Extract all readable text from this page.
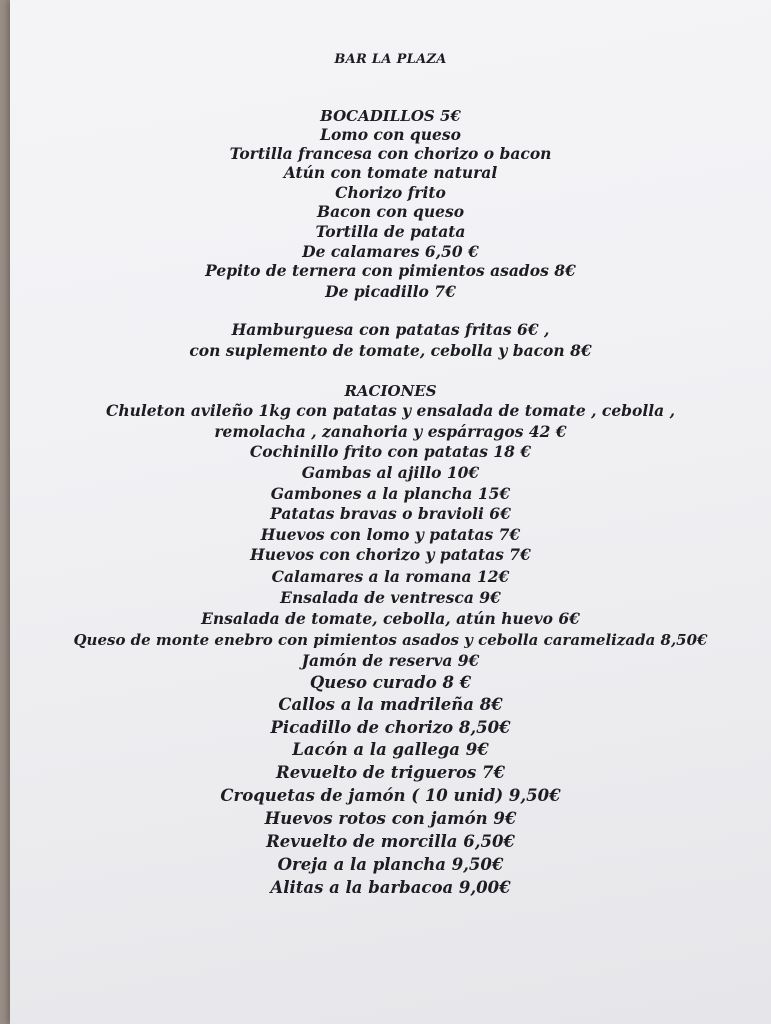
BAR LA PLAZA
BOCADILLOS 5€
Lomo con queso
Tortilla francesa con chorizo o bacon
Atún con tomate natural
Chorizo frito
Bacon con queso
Tortilla de patata
De calamares 6,50 €
Pepito de ternera con pimientos asados 8€
De picadillo 7€
Hamburguesa con patatas fritas 6€ ,
con suplemento de tomate, cebolla y bacon 8€
RACIONES
Chuleton avileño 1kg con patatas y ensalada de tomate , cebolla ,
remolacha , zanahoria y espárragos 42 €
Cochinillo frito con patatas 18 €
Gambas al ajillo 10€
Gambones a la plancha 15€
Patatas bravas o bravioli 6€
Huevos con lomo y patatas 7€
Huevos con chorizo y patatas 7€
Calamares a la romana 12€
Ensalada de ventresca 9€
Ensalada de tomate, cebolla, atún huevo 6€
Queso de monte enebro con pimientos asados y cebolla caramelizada 8,50€
Jamón de reserva 9€
Queso curado 8 €
Callos a la madrileña 8€
Picadillo de chorizo 8,50€
Lacón a la gallega 9€
Revuelto de trigueros 7€
Croquetas de jamón ( 10 unid) 9,50€
Huevos rotos con jamón 9€
Revuelto de morcilla 6,50€
Oreja a la plancha 9,50€
Alitas a la barbacoa 9,00€
